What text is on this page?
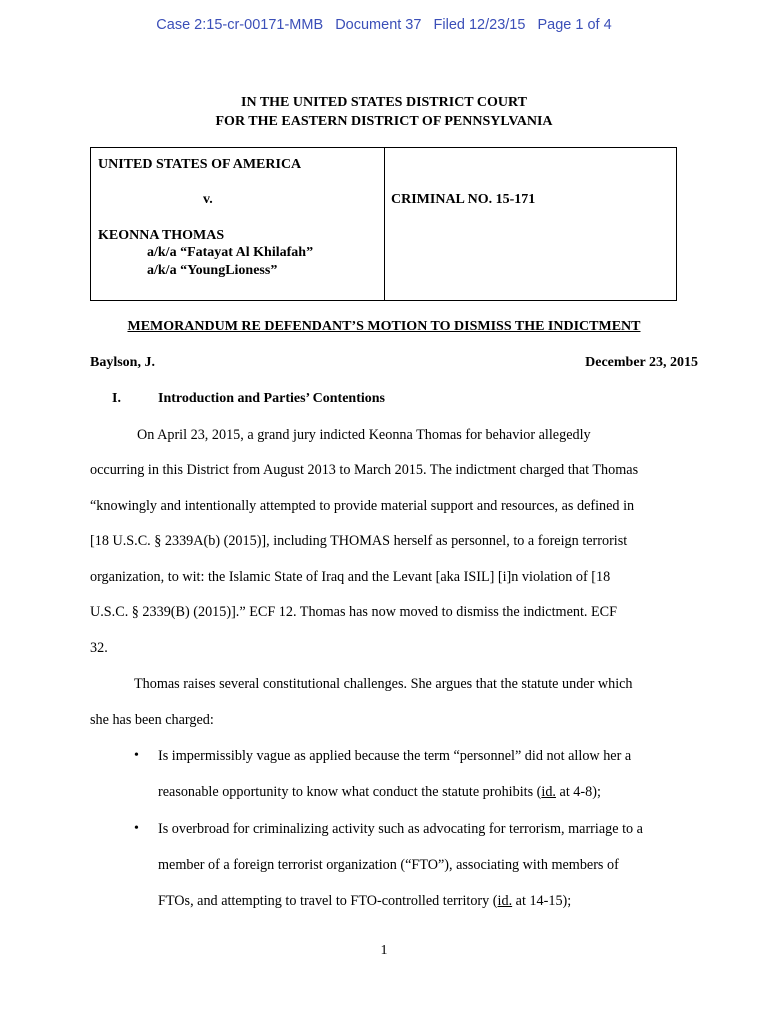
Case 2:15-cr-00171-MMB   Document 37   Filed 12/23/15   Page 1 of 4
IN THE UNITED STATES DISTRICT COURT
FOR THE EASTERN DISTRICT OF PENNSYLVANIA
UNITED STATES OF AMERICA
v.
KEONNA THOMAS
a/k/a “Fatayat Al Khilafah”
a/k/a “YoungLioness”
CRIMINAL NO. 15-171
MEMORANDUM RE DEFENDANT’S MOTION TO DISMISS THE INDICTMENT
Baylson, J.	December 23, 2015
I.	Introduction and Parties’ Contentions
On April 23, 2015, a grand jury indicted Keonna Thomas for behavior allegedly
occurring in this District from August 2013 to March 2015. The indictment charged that Thomas
“knowingly and intentionally attempted to provide material support and resources, as defined in
[18 U.S.C. § 2339A(b) (2015)], including THOMAS herself as personnel, to a foreign terrorist
organization, to wit: the Islamic State of Iraq and the Levant [aka ISIL] [i]n violation of [18
U.S.C. § 2339(B) (2015)].” ECF 12. Thomas has now moved to dismiss the indictment. ECF
32.
Thomas raises several constitutional challenges. She argues that the statute under which
she has been charged:
• Is impermissibly vague as applied because the term “personnel” did not allow her a
reasonable opportunity to know what conduct the statute prohibits (id. at 4-8);
• Is overbroad for criminalizing activity such as advocating for terrorism, marriage to a
member of a foreign terrorist organization (“FTO”), associating with members of
FTOs, and attempting to travel to FTO-controlled territory (id. at 14-15);
1
